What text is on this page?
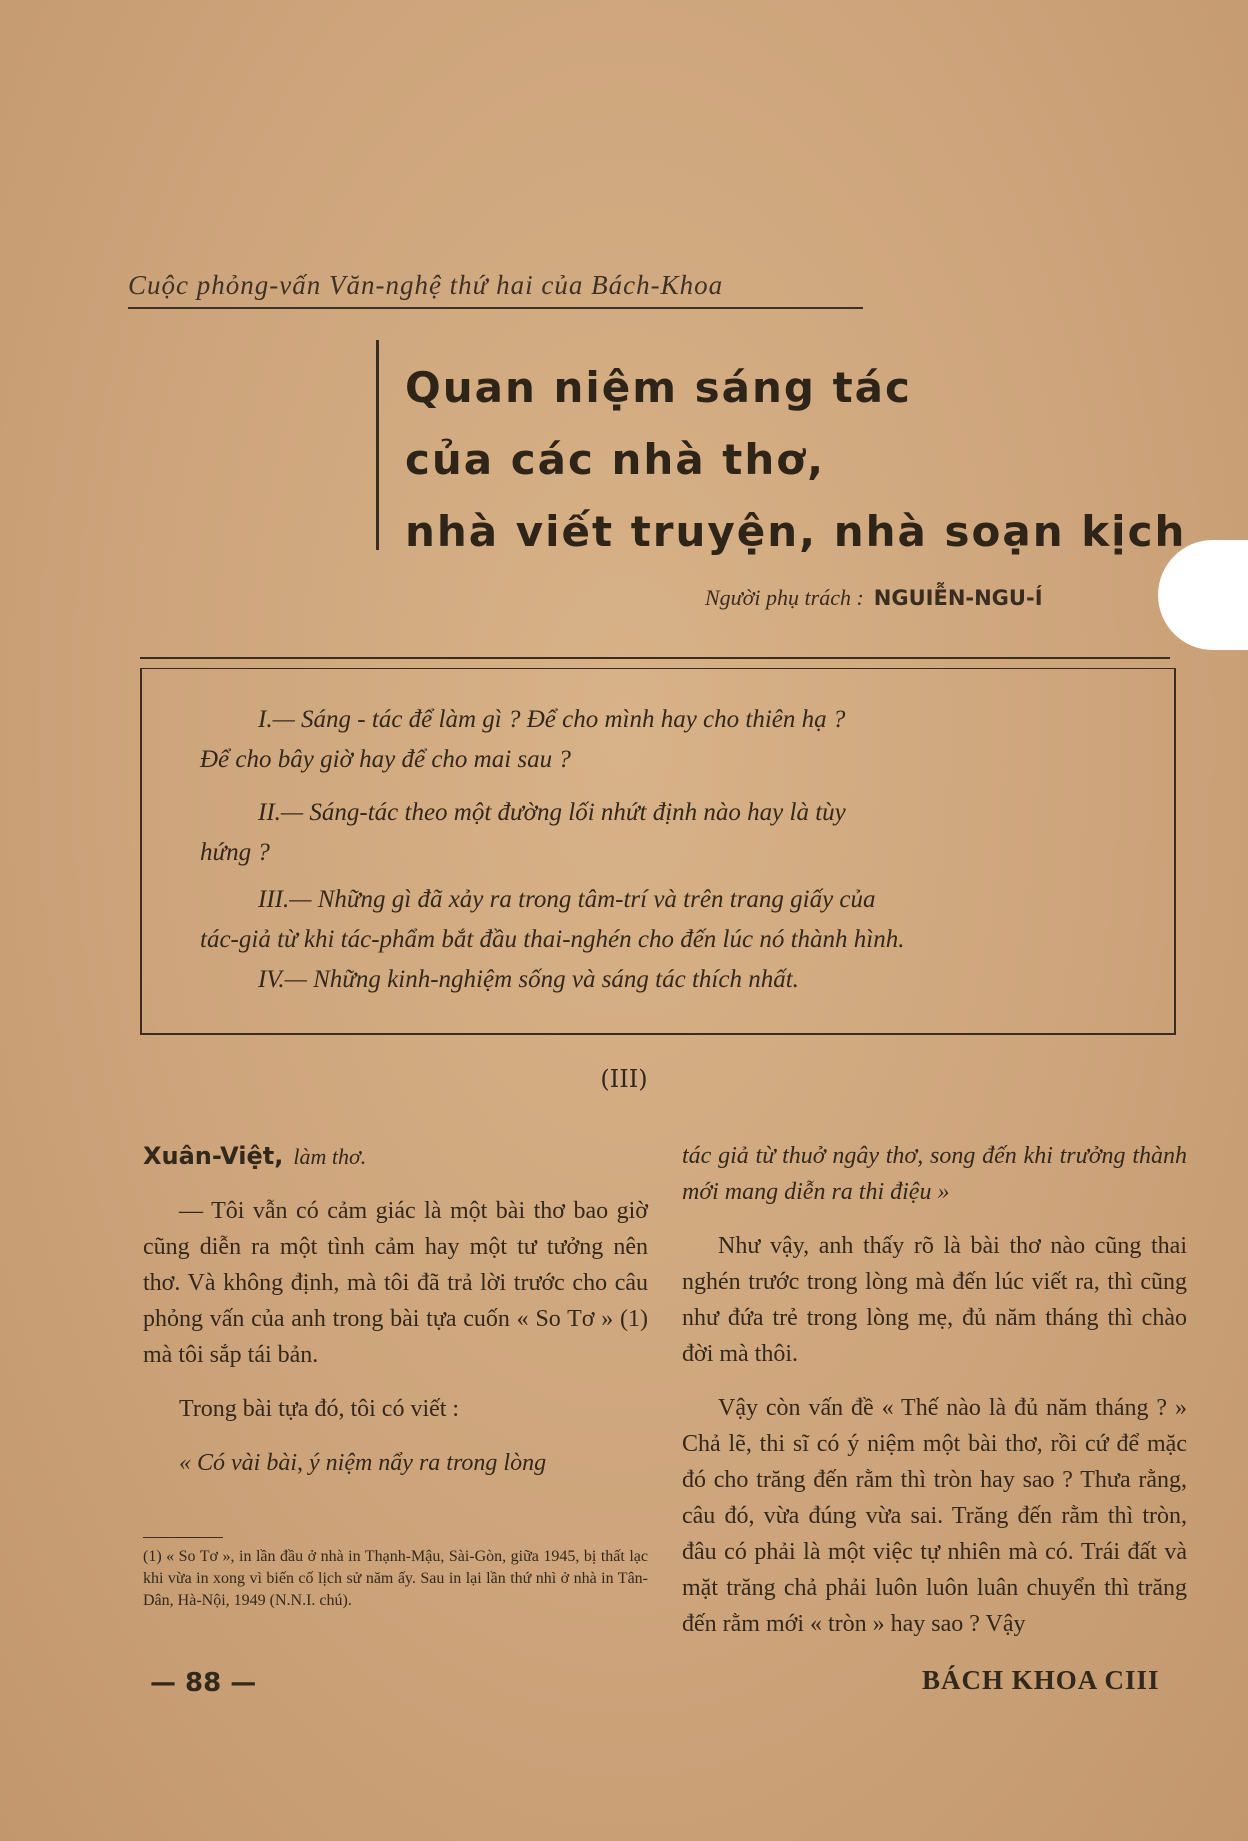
Cuộc phỏng-vấn Văn-nghệ thứ hai của Bách-Khoa
Quan niệm sáng tác
của các nhà thơ,
nhà viết truyện, nhà soạn kịch
Người phụ trách : NGUIỄN-NGU-Í

I.— Sáng - tác để làm gì ? Để cho mình hay cho thiên hạ ?

Để cho bây giờ hay để cho mai sau ?

II.— Sáng-tác theo một đường lối nhứt định nào hay là tùy

hứng ?

III.— Những gì đã xảy ra trong tâm-trí và trên trang giấy của

tác-giả từ khi tác-phẩm bắt đầu thai-nghén cho đến lúc nó thành hình.

IV.— Những kinh-nghiệm sống và sáng tác thích nhất.

(III)

Xuân-Việt, làm thơ.

— Tôi vẫn có cảm giác là một bài thơ bao giờ cũng diễn ra một tình cảm hay một tư tưởng nên thơ. Và không định, mà tôi đã trả lời trước cho câu phỏng vấn của anh trong bài tựa cuốn « So Tơ » (1) mà tôi sắp tái bản.

Trong bài tựa đó, tôi có viết :

« Có vài bài, ý niệm nẩy ra trong lòng

(1) « So Tơ », in lần đầu ở nhà in Thạnh-Mậu, Sài-Gòn, giữa 1945, bị thất lạc khi vừa in xong vì biến cố lịch sử năm ấy. Sau in lại lần thứ nhì ở nhà in Tân-Dân, Hà-Nội, 1949 (N.N.I. chú).

tác giả từ thuở ngây thơ, song đến khi trưởng thành mới mang diễn ra thi điệu »

Như vậy, anh thấy rõ là bài thơ nào cũng thai nghén trước trong lòng mà đến lúc viết ra, thì cũng như đứa trẻ trong lòng mẹ, đủ năm tháng thì chào đời mà thôi.

Vậy còn vấn đề « Thế nào là đủ năm tháng ? » Chả lẽ, thi sĩ có ý niệm một bài thơ, rồi cứ để mặc đó cho trăng đến rằm thì tròn hay sao ? Thưa rằng, câu đó, vừa đúng vừa sai. Trăng đến rằm thì tròn, đâu có phải là một việc tự nhiên mà có. Trái đất và mặt trăng chả phải luôn luôn luân chuyển thì trăng đến rằm mới « tròn » hay sao ? Vậy

— 88 —	BÁCH KHOA CIII
